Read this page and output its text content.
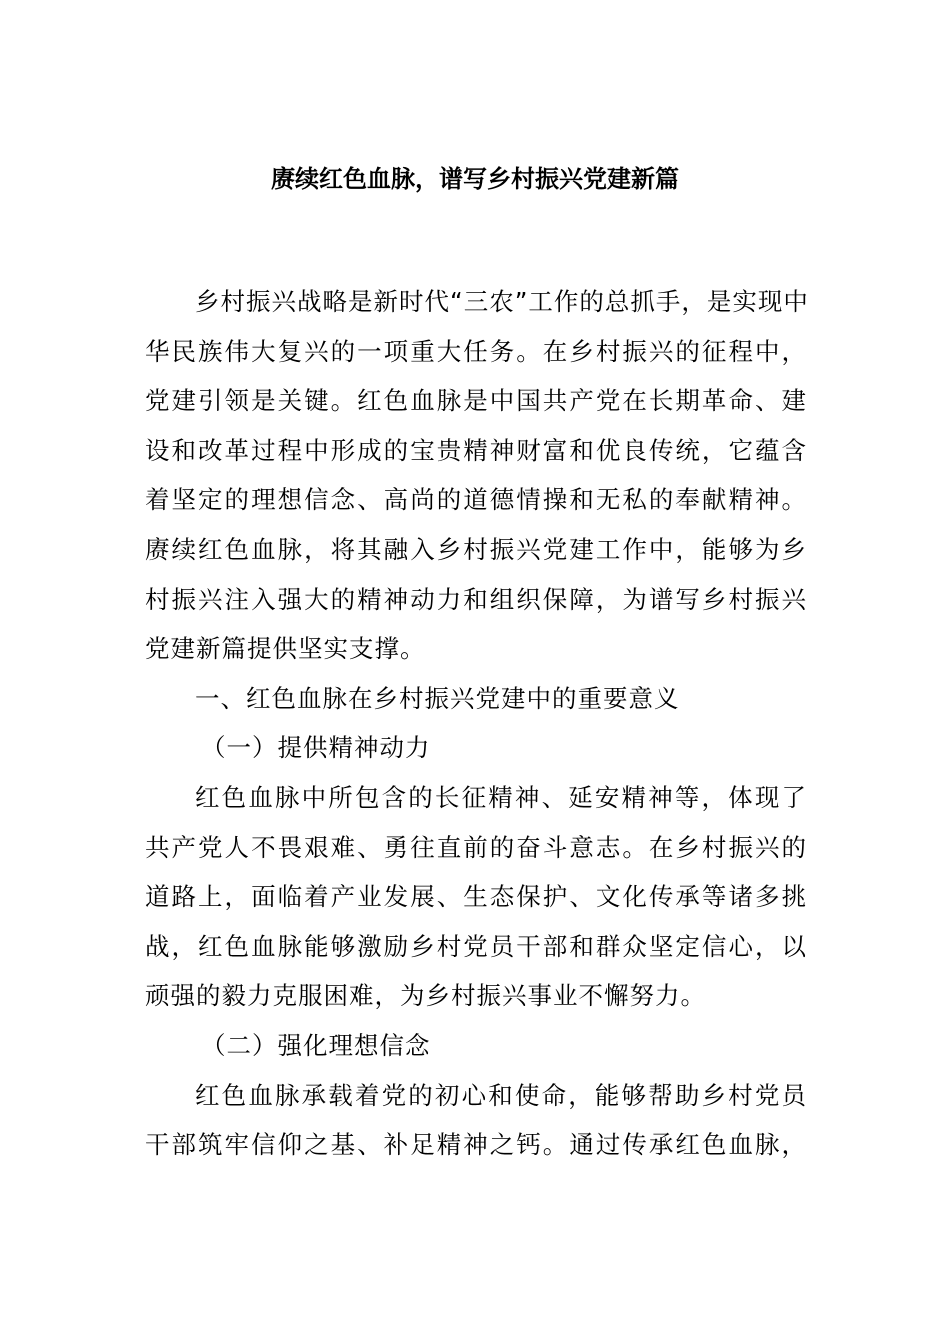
赓续红色血脉，谱写乡村振兴党建新篇
乡村振兴战略是新时代“三农”工作的总抓手，是实现中
华民族伟大复兴的一项重大任务。在乡村振兴的征程中，
党建引领是关键。红色血脉是中国共产党在长期革命、建
设和改革过程中形成的宝贵精神财富和优良传统，它蕴含
着坚定的理想信念、高尚的道德情操和无私的奉献精神。
赓续红色血脉，将其融入乡村振兴党建工作中，能够为乡
村振兴注入强大的精神动力和组织保障，为谱写乡村振兴
党建新篇提供坚实支撑。
一、红色血脉在乡村振兴党建中的重要意义
（一）提供精神动力
红色血脉中所包含的长征精神、延安精神等，体现了
共产党人不畏艰难、勇往直前的奋斗意志。在乡村振兴的
道路上，面临着产业发展、生态保护、文化传承等诸多挑
战，红色血脉能够激励乡村党员干部和群众坚定信心，以
顽强的毅力克服困难，为乡村振兴事业不懈努力。
（二）强化理想信念
红色血脉承载着党的初心和使命，能够帮助乡村党员
干部筑牢信仰之基、补足精神之钙。通过传承红色血脉，
